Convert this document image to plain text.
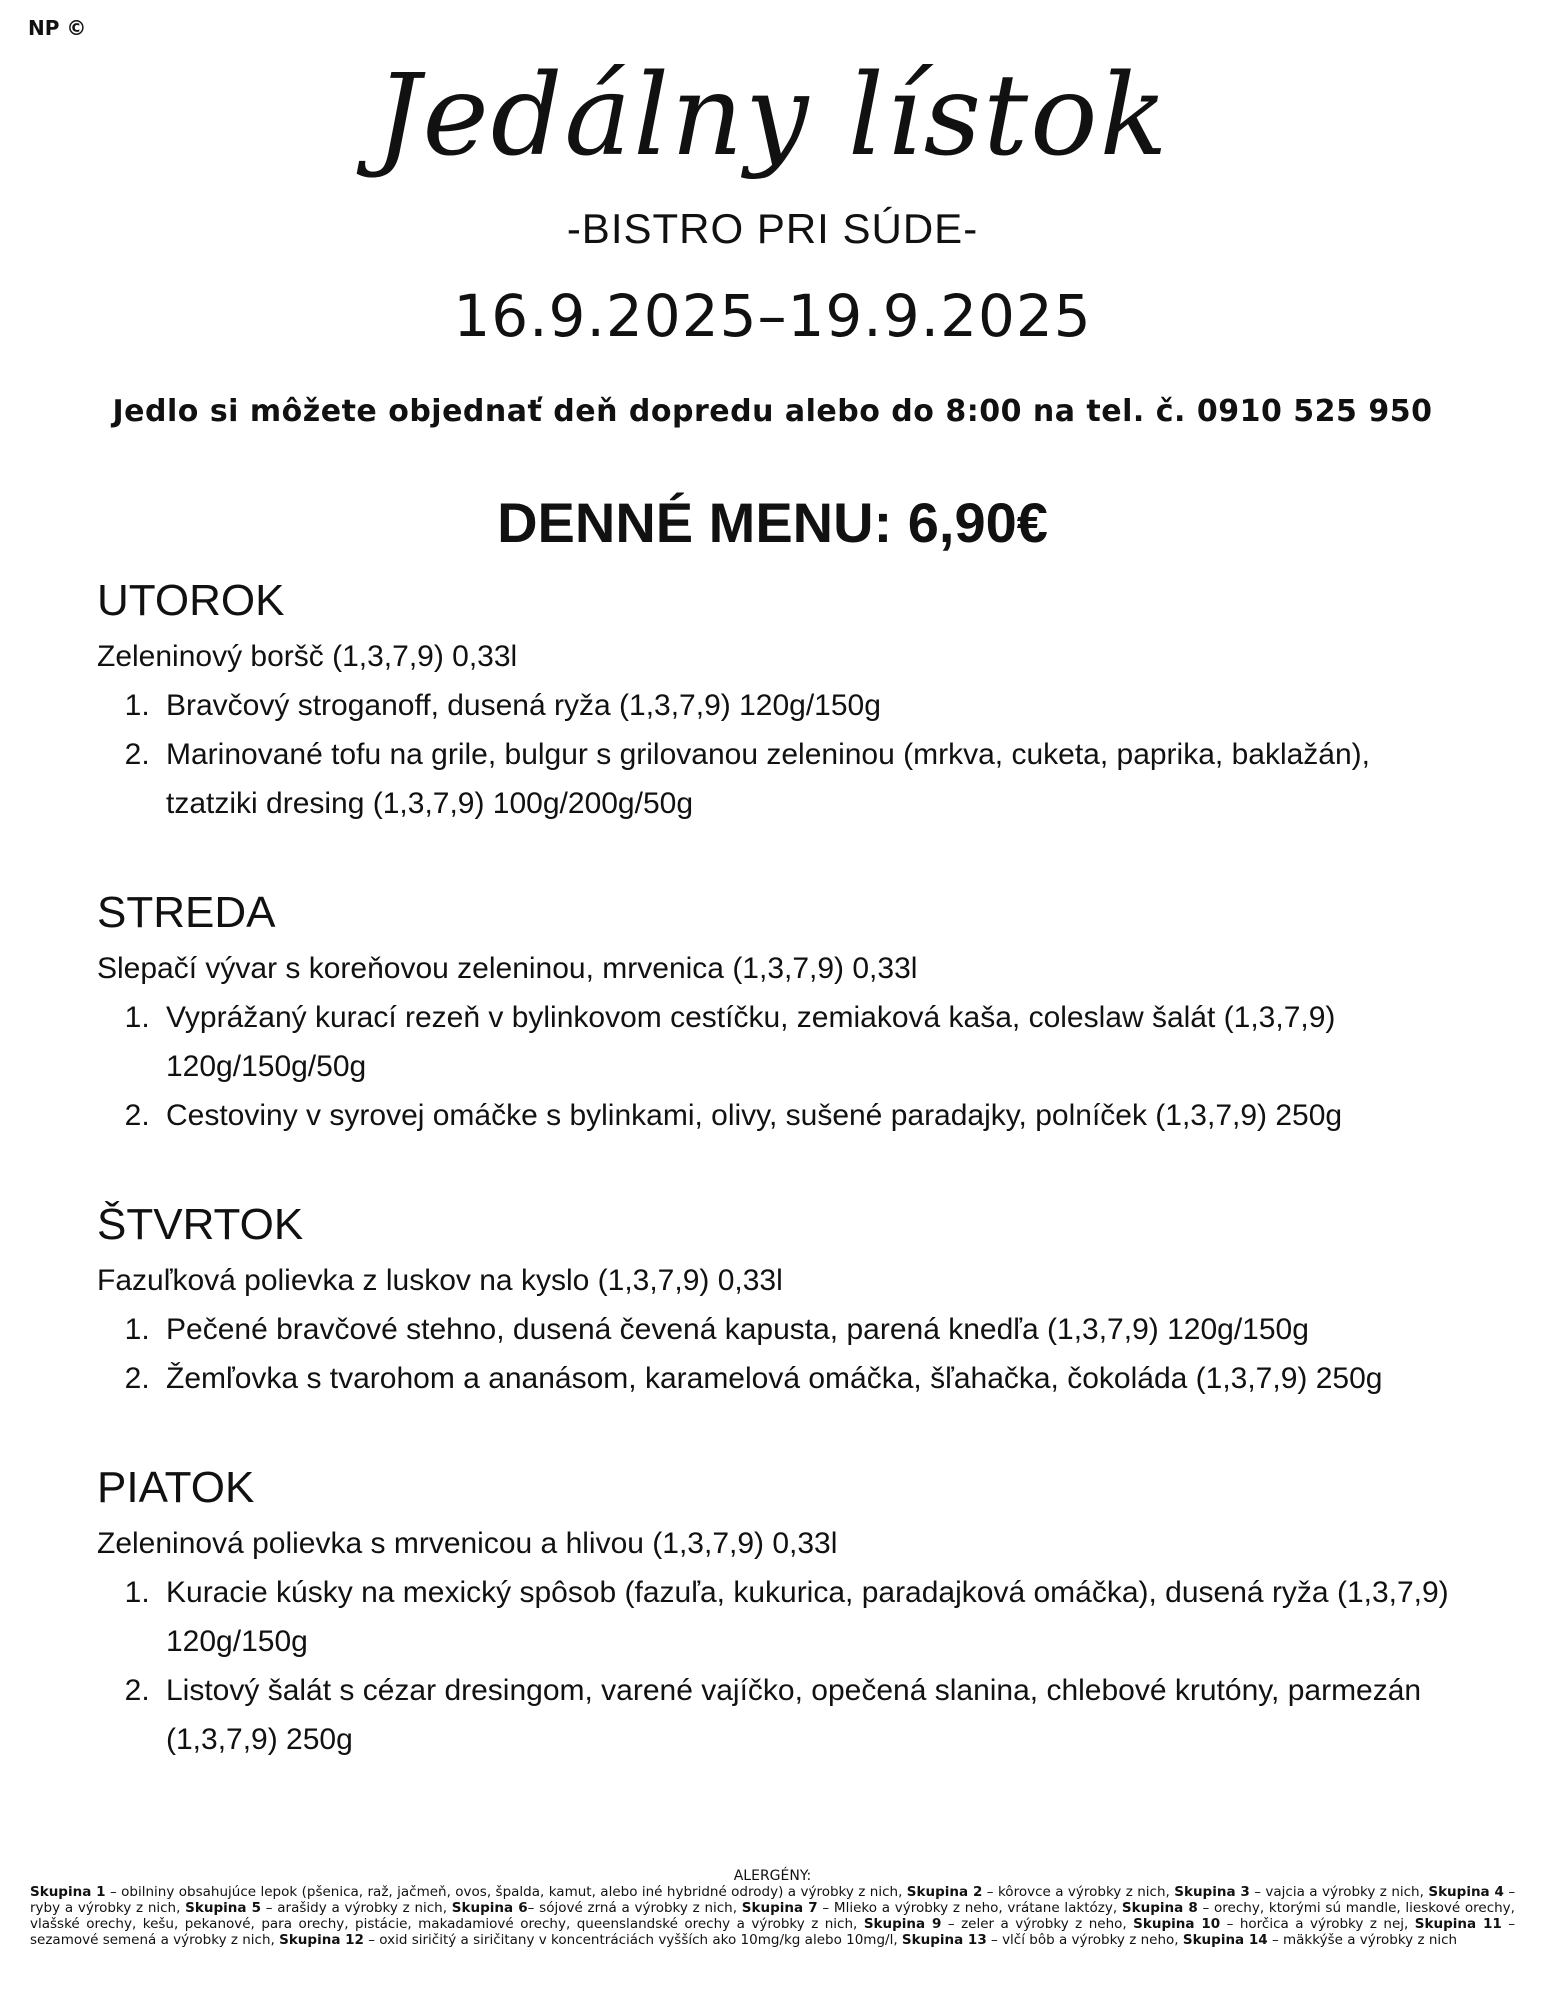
NP ©
Jedálny lístok
-BISTRO PRI SÚDE-
16.9.2025–19.9.2025
Jedlo si môžete objednať deň dopredu alebo do 8:00 na tel. č. 0910 525 950
DENNÉ MENU: 6,90€
UTOROK

Zeleninový boršč (1,3,7,9) 0,33l

1. Bravčový stroganoff, dusená ryža (1,3,7,9) 120g/150g
2. Marinované tofu na grile, bulgur s grilovanou zeleninou (mrkva, cuketa, paprika, baklažán), tzatziki dresing (1,3,7,9) 100g/200g/50g
STREDA

Slepačí vývar s koreňovou zeleninou, mrvenica (1,3,7,9) 0,33l

1. Vyprážaný kurací rezeň v bylinkovom cestíčku, zemiaková kaša, coleslaw šalát (1,3,7,9) 120g/150g/50g
2. Cestoviny v syrovej omáčke s bylinkami, olivy, sušené paradajky, polníček (1,3,7,9) 250g
ŠTVRTOK

Fazuľková polievka z luskov na kyslo (1,3,7,9) 0,33l

1. Pečené bravčové stehno, dusená čevená kapusta, parená knedľa (1,3,7,9) 120g/150g
2. Žemľovka s tvarohom a ananásom, karamelová omáčka, šľahačka, čokoláda (1,3,7,9) 250g
PIATOK

Zeleninová polievka s mrvenicou a hlivou (1,3,7,9) 0,33l

1. Kuracie kúsky na mexický spôsob (fazuľa, kukurica, paradajková omáčka), dusená ryža (1,3,7,9) 120g/150g
2. Listový šalát s cézar dresingom, varené vajíčko, opečená slanina, chlebové krutóny, parmezán (1,3,7,9) 250g
ALERGÉNY:
Skupina 1 – obilniny obsahujúce lepok (pšenica, raž, jačmeň, ovos, špalda, kamut, alebo iné hybridné odrody) a výrobky z nich, Skupina 2 – kôrovce a výrobky z nich, Skupina 3 – vajcia a výrobky z nich, Skupina 4 – ryby a výrobky z nich, Skupina 5 – arašidy a výrobky z nich, Skupina 6– sójové zrná a výrobky z nich, Skupina 7 – Mlieko a výrobky z neho, vrátane laktózy, Skupina 8 – orechy, ktorými sú mandle, lieskové orechy, vlašské orechy, kešu, pekanové, para orechy, pistácie, makadamiové orechy, queenslandské orechy a výrobky z nich, Skupina 9 – zeler a výrobky z neho, Skupina 10 – horčica a výrobky z nej, Skupina 11 – sezamové semená a výrobky z nich, Skupina 12 – oxid siričitý a siričitany v koncentráciách vyšších ako 10mg/kg alebo 10mg/l, Skupina 13 – vlčí bôb a výrobky z neho, Skupina 14 – mäkkýše a výrobky z nich
